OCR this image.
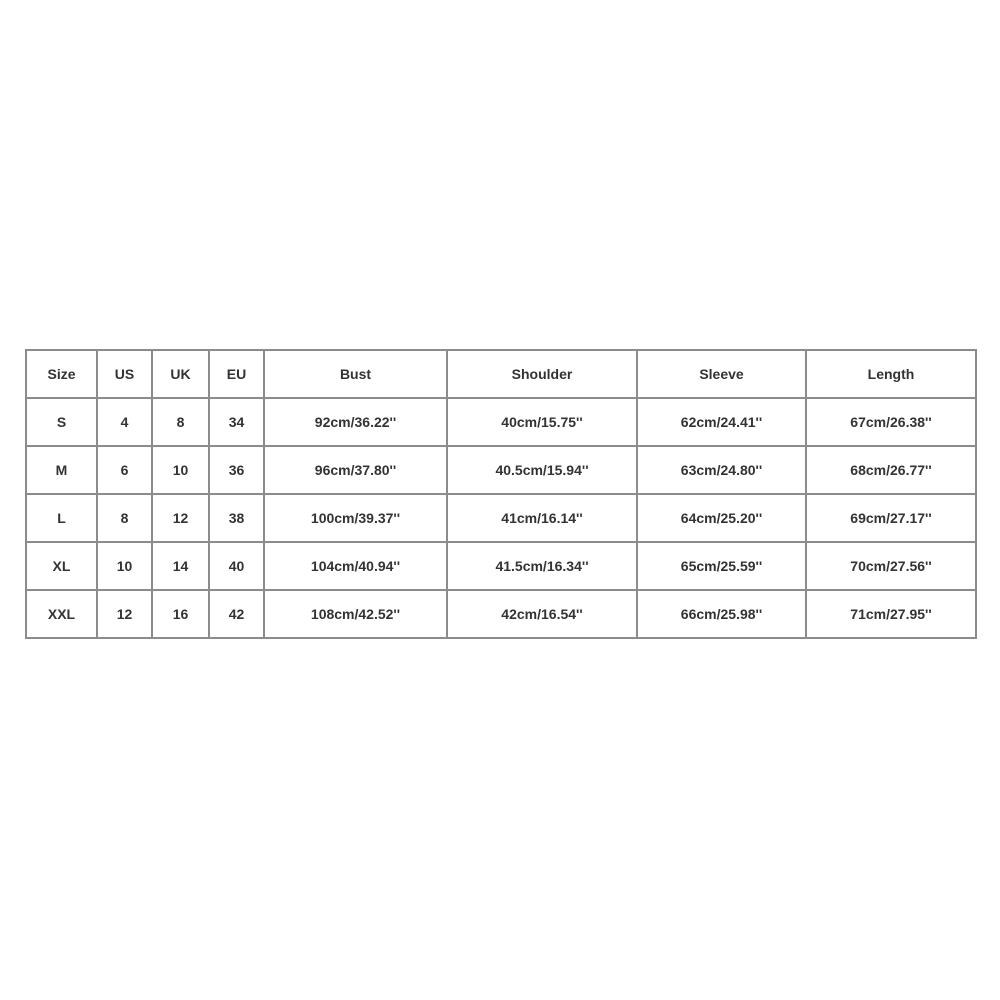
Size	US	UK	EU	Bust	Shoulder	Sleeve	Length
S	4	8	34	92cm/36.22''	40cm/15.75''	62cm/24.41''	67cm/26.38''
M	6	10	36	96cm/37.80''	40.5cm/15.94''	63cm/24.80''	68cm/26.77''
L	8	12	38	100cm/39.37''	41cm/16.14''	64cm/25.20''	69cm/27.17''
XL	10	14	40	104cm/40.94''	41.5cm/16.34''	65cm/25.59''	70cm/27.56''
XXL	12	16	42	108cm/42.52''	42cm/16.54''	66cm/25.98''	71cm/27.95''
